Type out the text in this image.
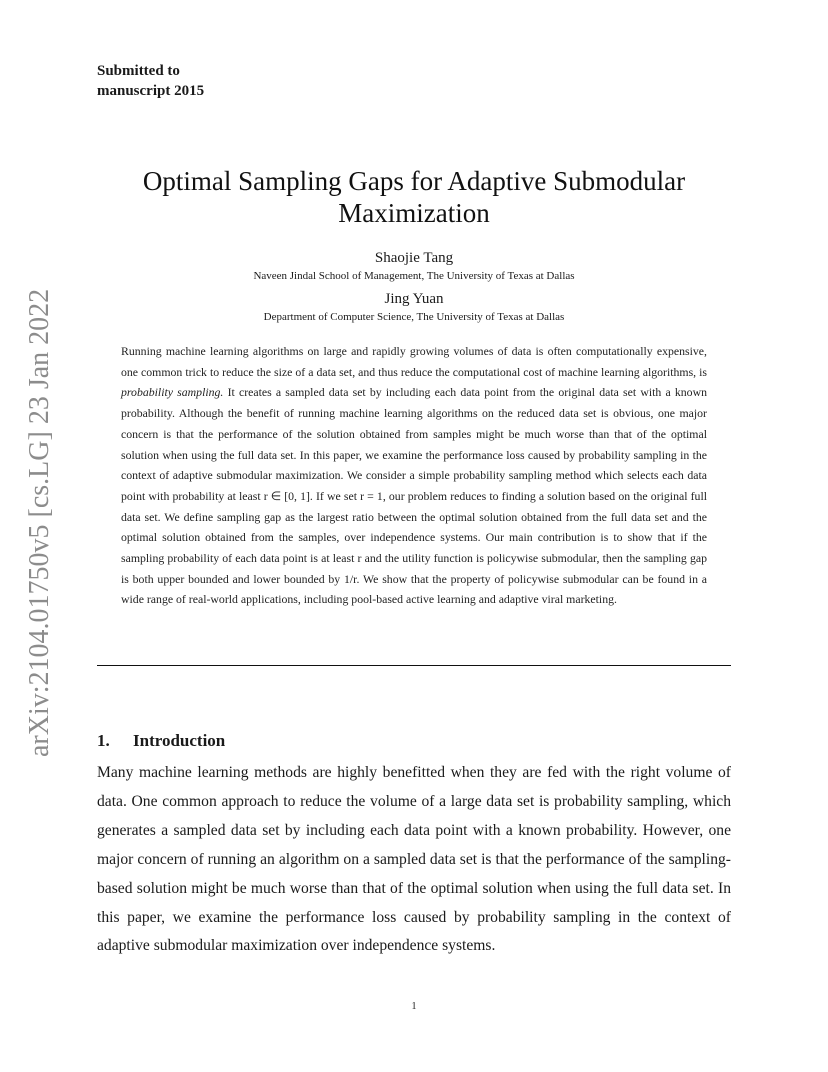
arXiv:2104.01750v5 [cs.LG] 23 Jan 2022
Submitted to
manuscript 2015
Optimal Sampling Gaps for Adaptive Submodular
Maximization
Shaojie Tang
Naveen Jindal School of Management, The University of Texas at Dallas
Jing Yuan
Department of Computer Science, The University of Texas at Dallas
Running machine learning algorithms on large and rapidly growing volumes of data is often computationally expensive, one common trick to reduce the size of a data set, and thus reduce the computational cost of machine learning algorithms, is probability sampling. It creates a sampled data set by including each data point from the original data set with a known probability. Although the benefit of running machine learning algorithms on the reduced data set is obvious, one major concern is that the performance of the solution obtained from samples might be much worse than that of the optimal solution when using the full data set. In this paper, we examine the performance loss caused by probability sampling in the context of adaptive submodular maximization. We consider a simple probability sampling method which selects each data point with probability at least r ∈ [0, 1]. If we set r = 1, our problem reduces to finding a solution based on the original full data set. We define sampling gap as the largest ratio between the optimal solution obtained from the full data set and the optimal solution obtained from the samples, over independence systems. Our main contribution is to show that if the sampling probability of each data point is at least r and the utility function is policywise submodular, then the sampling gap is both upper bounded and lower bounded by 1/r. We show that the property of policywise submodular can be found in a wide range of real-world applications, including pool-based active learning and adaptive viral marketing.
1. Introduction
Many machine learning methods are highly benefitted when they are fed with the right volume of data. One common approach to reduce the volume of a large data set is probability sampling, which generates a sampled data set by including each data point with a known probability. However, one major concern of running an algorithm on a sampled data set is that the performance of the sampling-based solution might be much worse than that of the optimal solution when using the full data set. In this paper, we examine the performance loss caused by probability sampling in the context of adaptive submodular maximization over independence systems.
1
